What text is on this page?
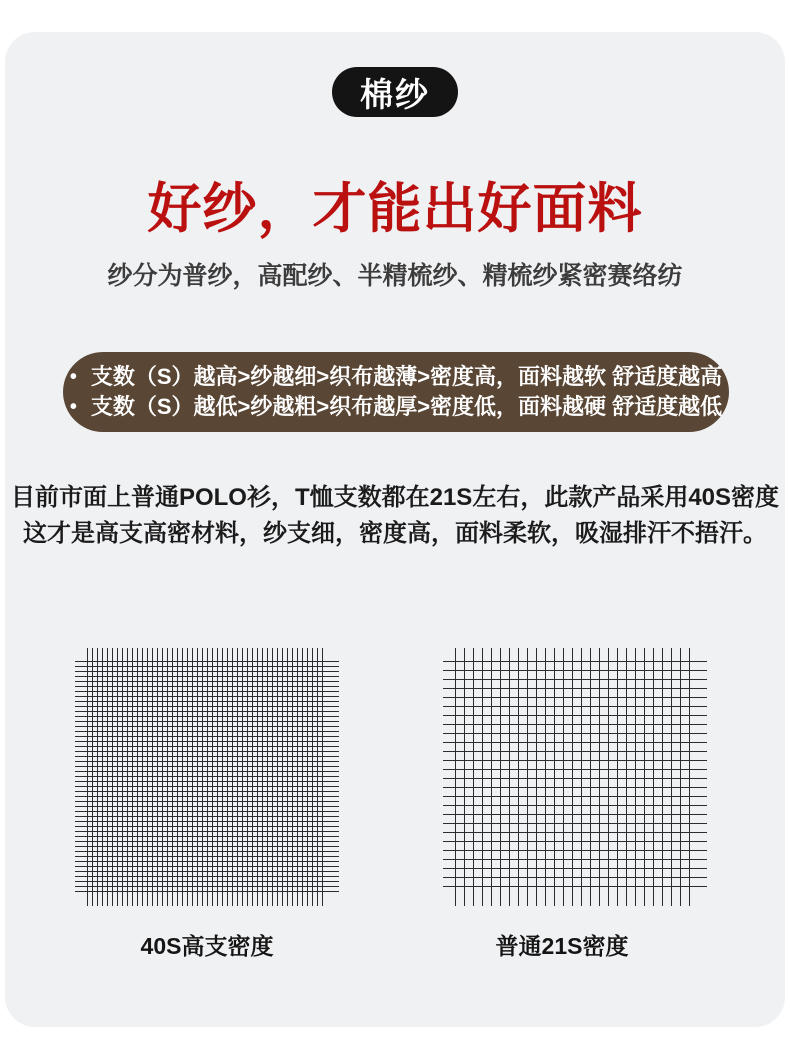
棉纱
好纱，才能出好面料
纱分为普纱，高配纱、半精梳纱、精梳纱紧密赛络纺
• 支数（S）越高>纱越细>织布越薄>密度高，面料越软 舒适度越高
• 支数（S）越低>纱越粗>织布越厚>密度低，面料越硬 舒适度越低
目前市面上普通POLO衫，T恤支数都在21S左右，此款产品采用40S密度
这才是高支高密材料，纱支细，密度高，面料柔软，吸湿排汗不捂汗。
40S高支密度	普通21S密度
